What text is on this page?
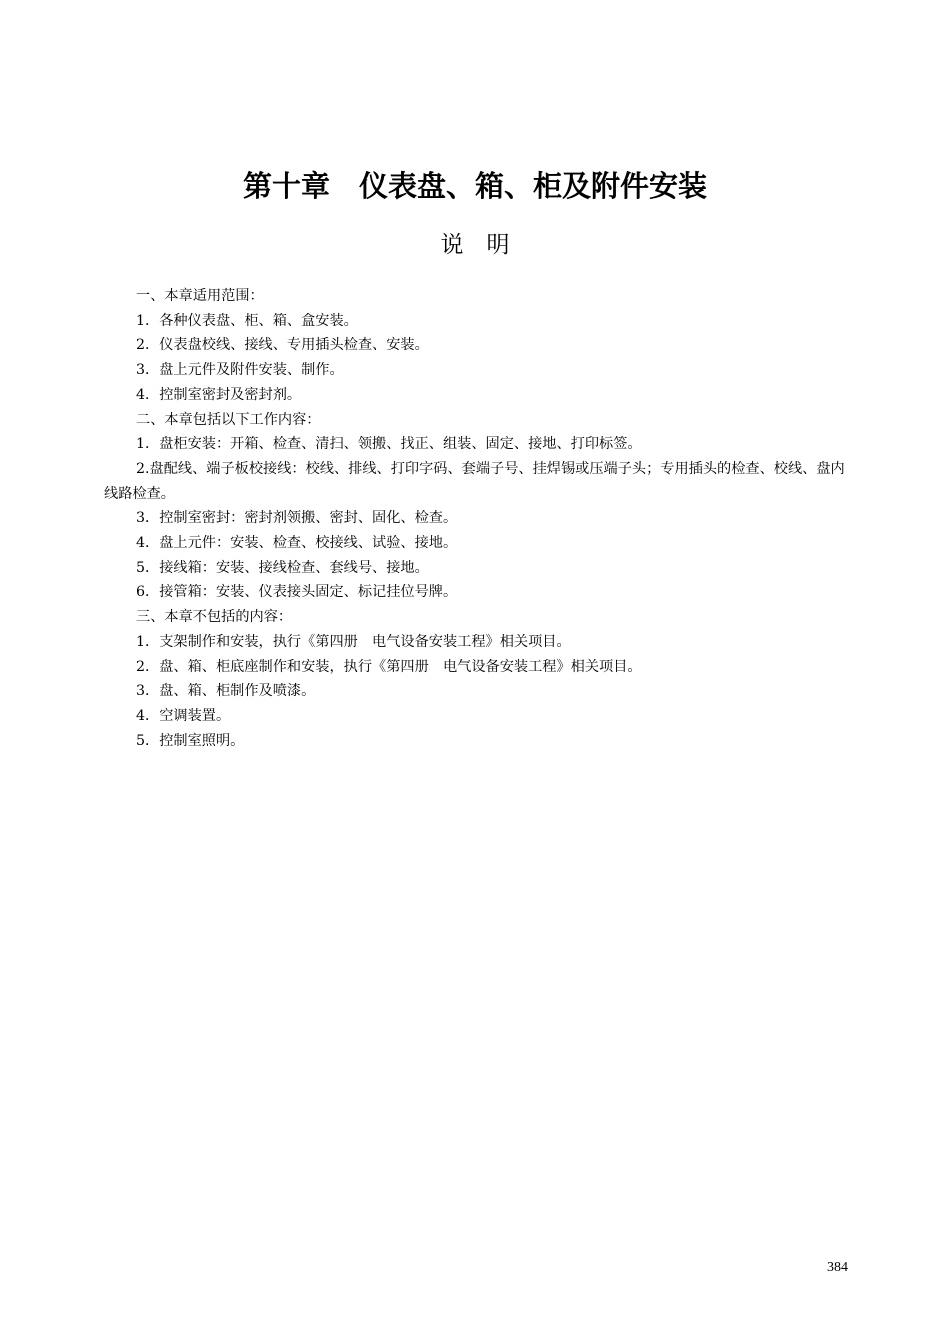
第十章　仪表盘、箱、柜及附件安装
说　明

一、本章适用范围：

1．各种仪表盘、柜、箱、盒安装。

2．仪表盘校线、接线、专用插头检查、安装。

3．盘上元件及附件安装、制作。

4．控制室密封及密封剂。

二、本章包括以下工作内容：

1．盘柜安装：开箱、检查、清扫、领搬、找正、组装、固定、接地、打印标签。

2.盘配线、端子板校接线：校线、排线、打印字码、套端子号、挂焊锡或压端子头；专用插头的检查、校线、盘内线路检查。

3．控制室密封：密封剂领搬、密封、固化、检查。

4．盘上元件：安装、检查、校接线、试验、接地。

5．接线箱：安装、接线检查、套线号、接地。

6．接管箱：安装、仪表接头固定、标记挂位号牌。

三、本章不包括的内容：

1．支架制作和安装，执行《第四册　电气设备安装工程》相关项目。

2．盘、箱、柜底座制作和安装，执行《第四册　电气设备安装工程》相关项目。

3．盘、箱、柜制作及喷漆。

4．空调装置。

5．控制室照明。

384
